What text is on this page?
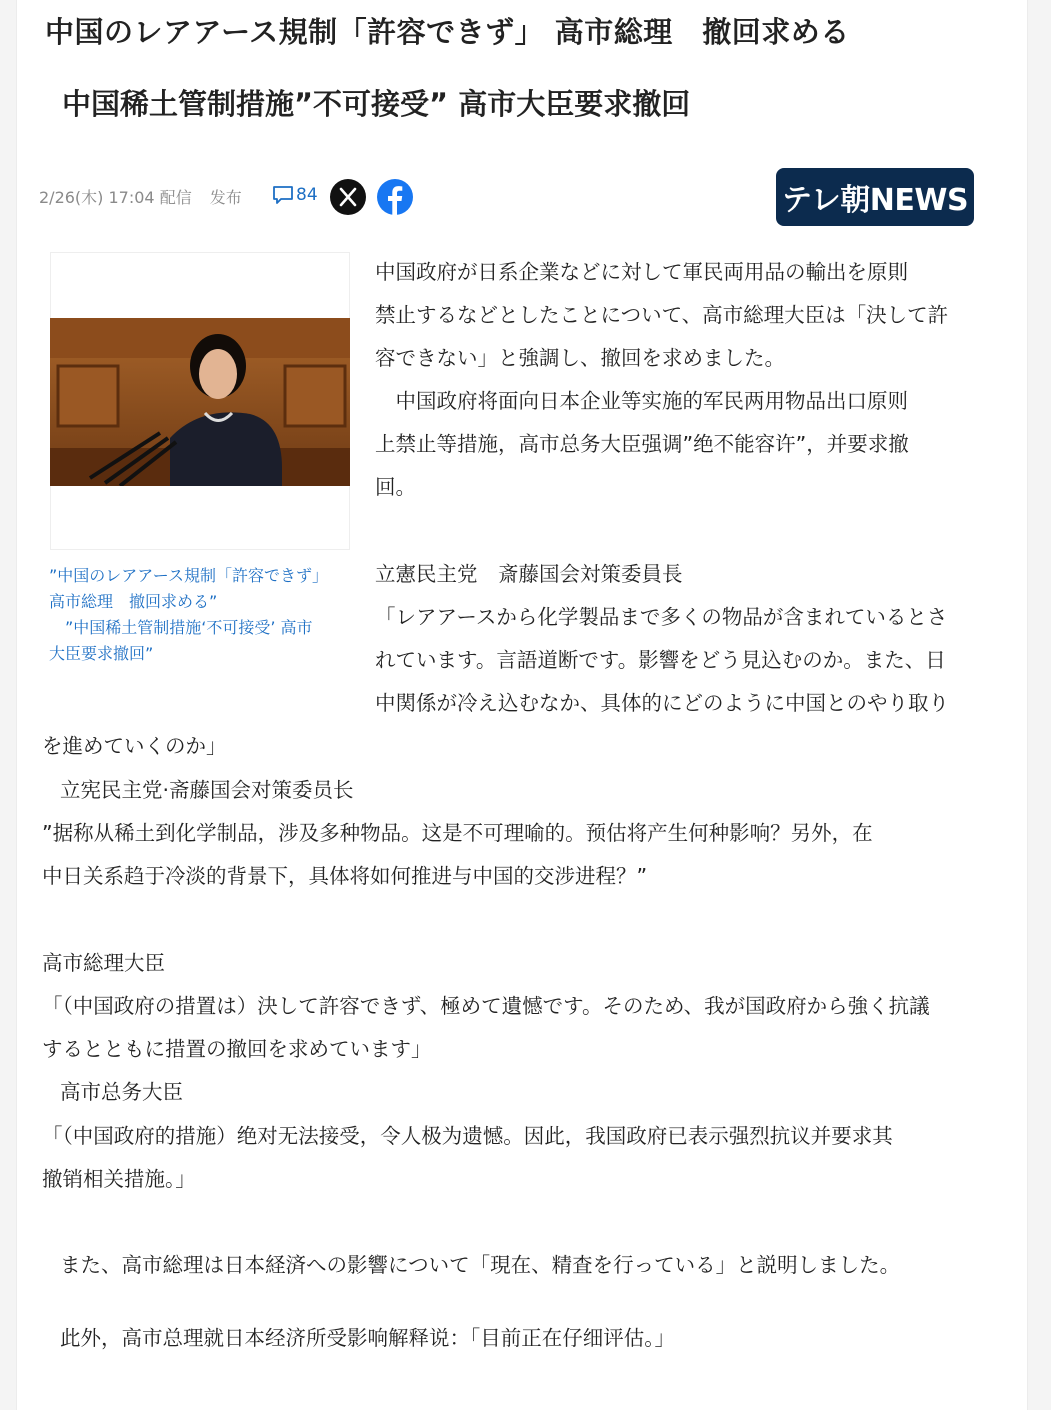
中国のレアアース規制「許容できず」 高市総理　撤回求める
中国稀土管制措施”不可接受” 高市大臣要求撤回
2/26(木) 17:04 配信 发布	84	テレ朝NEWS
”中国のレアアース規制「許容できず」
高市総理　撤回求める”
　”中国稀土管制措施‘不可接受’ 高市
大臣要求撤回”
中国政府が日系企業などに対して軍民両用品の輸出を原則
禁止するなどとしたことについて、高市総理大臣は「決して許
容できない」と強調し、撤回を求めました。
　中国政府将面向日本企业等实施的军民两用物品出口原则
上禁止等措施，高市总务大臣强调”绝不能容许”，并要求撤
回。
立憲民主党　斎藤国会対策委員長
「レアアースから化学製品まで多くの物品が含まれているとさ
れています。言語道断です。影響をどう見込むのか。また、日
中関係が冷え込むなか、具体的にどのように中国とのやり取り
を進めていくのか」
立宪民主党·斋藤国会对策委员长
”据称从稀土到化学制品，涉及多种物品。这是不可理喻的。预估将产生何种影响？另外，在
中日关系趋于冷淡的背景下，具体将如何推进与中国的交涉进程？”
高市総理大臣
「（中国政府の措置は）決して許容できず、極めて遺憾です。そのため、我が国政府から強く抗議
するとともに措置の撤回を求めています」
高市总务大臣
「（中国政府的措施）绝对无法接受，令人极为遗憾。因此，我国政府已表示强烈抗议并要求其
撤销相关措施。」
また、高市総理は日本経済への影響について「現在、精査を行っている」と説明しました。
此外，高市总理就日本经济所受影响解释说：「目前正在仔细评估。」
